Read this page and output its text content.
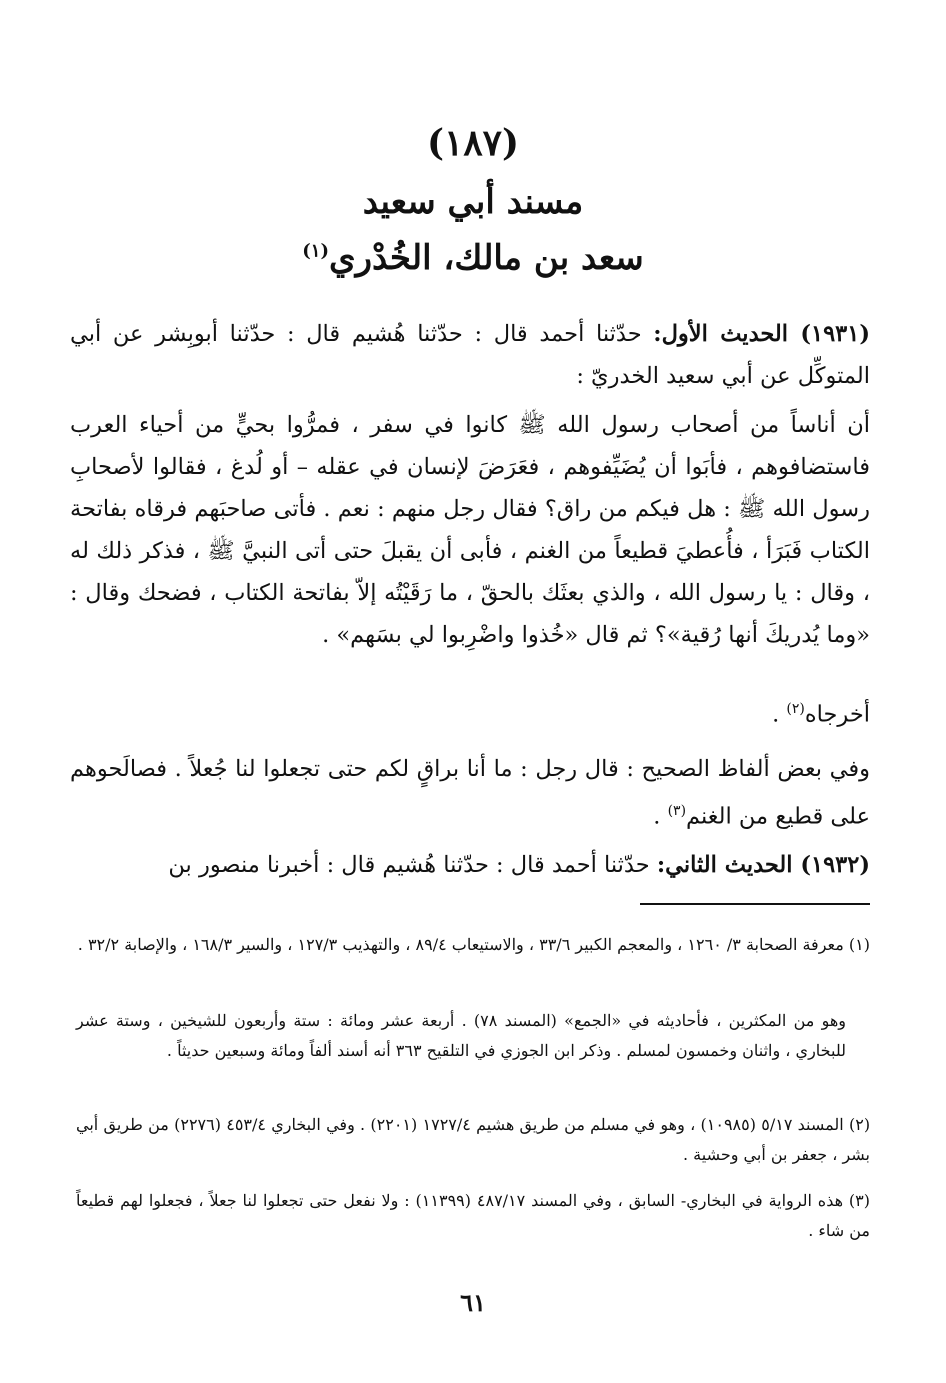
(١٨٧)
مسند أبي سعيد
سعد بن مالك، الخُدْري$^{(١)}$
(١٩٣١) الحديث الأول: حدّثنا أحمد قال : حدّثنا هُشيم قال : حدّثنا أبوبِشر عن أبي المتوكِّل عن أبي سعيد الخدريّ :
أن أناساً من أصحاب رسول الله ﷺ كانوا في سفر ، فمرُّوا بحيٍّ من أحياء العرب فاستضافوهم ، فأبَوا أن يُضَيِّفوهم ، فعَرَضَ لإنسان في عقله – أو لُدغ ، فقالوا لأصحابِ رسول الله ﷺ : هل فيكم من راق؟ فقال رجل منهم : نعم . فأتى صاحبَهم فرقاه بفاتحة الكتاب فَبَرَأ ، فأُعطيَ قطيعاً من الغنم ، فأبى أن يقبلَ حتى أتى النبيَّ ﷺ ، فذكر ذلك له ، وقال : يا رسول الله ، والذي بعثَك بالحقّ ، ما رَقَيْتُه إلاّ بفاتحة الكتاب ، فضحك وقال : «وما يُدريكَ أنها رُقية»؟ ثم قال «خُذوا واضْرِبوا لي بسَهم» .
أخرجاه$^{(٢)}$ .
وفي بعض ألفاظ الصحيح : قال رجل : ما أنا براقٍ لكم حتى تجعلوا لنا جُعلاً . فصالَحوهم على قطيع من الغنم$^{(٣)}$ .
(١٩٣٢) الحديث الثاني: حدّثنا أحمد قال : حدّثنا هُشيم قال : أخبرنا منصور بن
(١) معرفة الصحابة ٣/ ١٢٦٠ ، والمعجم الكبير ٣٣/٦ ، والاستيعاب ٨٩/٤ ، والتهذيب ١٢٧/٣ ، والسير ١٦٨/٣ ، والإصابة ٣٢/٢ .
وهو من المكثرين ، فأحاديثه في «الجمع» (المسند ٧٨) . أربعة عشر ومائة : ستة وأربعون للشيخين ، وستة عشر للبخاري ، واثنان وخمسون لمسلم . وذكر ابن الجوزي في التلقيح ٣٦٣ أنه أسند ألفاً ومائة وسبعين حديثاً .
(٢) المسند ٥/١٧ (١٠٩٨٥) ، وهو في مسلم من طريق هشيم ١٧٢٧/٤ (٢٢٠١) . وفي البخاري ٤٥٣/٤ (٢٢٧٦) من طريق أبي بشر ، جعفر بن أبي وحشية .
(٣) هذه الرواية في البخاري- السابق ، وفي المسند ٤٨٧/١٧ (١١٣٩٩) : ولا نفعل حتى تجعلوا لنا جعلاً ، فجعلوا لهم قطيعاً من شاء .
٦١
